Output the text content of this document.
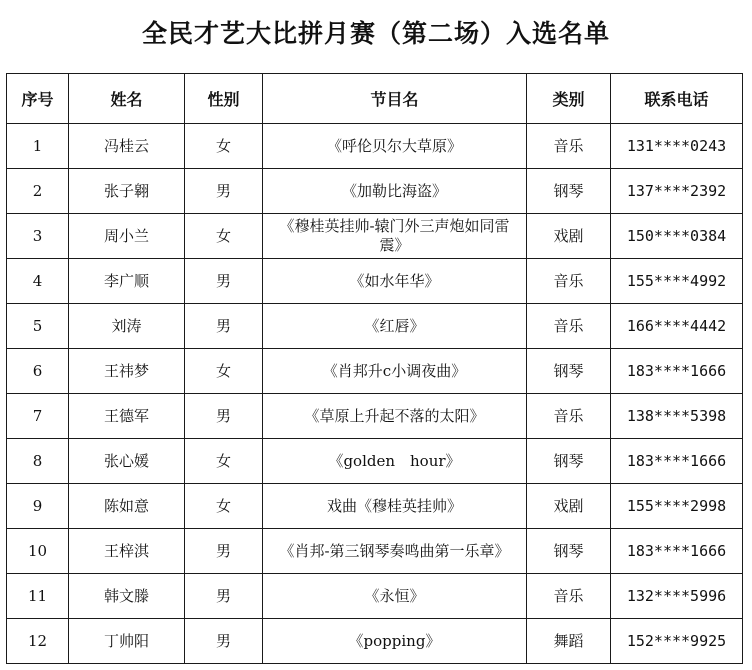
全民才艺大比拼月赛（第二场）入选名单
序号	姓名	性别	节目名	类别	联系电话
1	冯桂云	女	《呼伦贝尔大草原》	音乐	131****0243
2	张子翱	男	《加勒比海盗》	钢琴	137****2392
3	周小兰	女	《穆桂英挂帅-辕门外三声炮如同雷震》	戏剧	150****0384
4	李广顺	男	《如水年华》	音乐	155****4992
5	刘涛	男	《红唇》	音乐	166****4442
6	王祎梦	女	《肖邦升c小调夜曲》	钢琴	183****1666
7	王德军	男	《草原上升起不落的太阳》	音乐	138****5398
8	张心媛	女	《golden　hour》	钢琴	183****1666
9	陈如意	女	戏曲《穆桂英挂帅》	戏剧	155****2998
10	王梓淇	男	《肖邦-第三钢琴奏鸣曲第一乐章》	钢琴	183****1666
11	韩文滕	男	《永恒》	音乐	132****5996
12	丁帅阳	男	《popping》	舞蹈	152****9925
